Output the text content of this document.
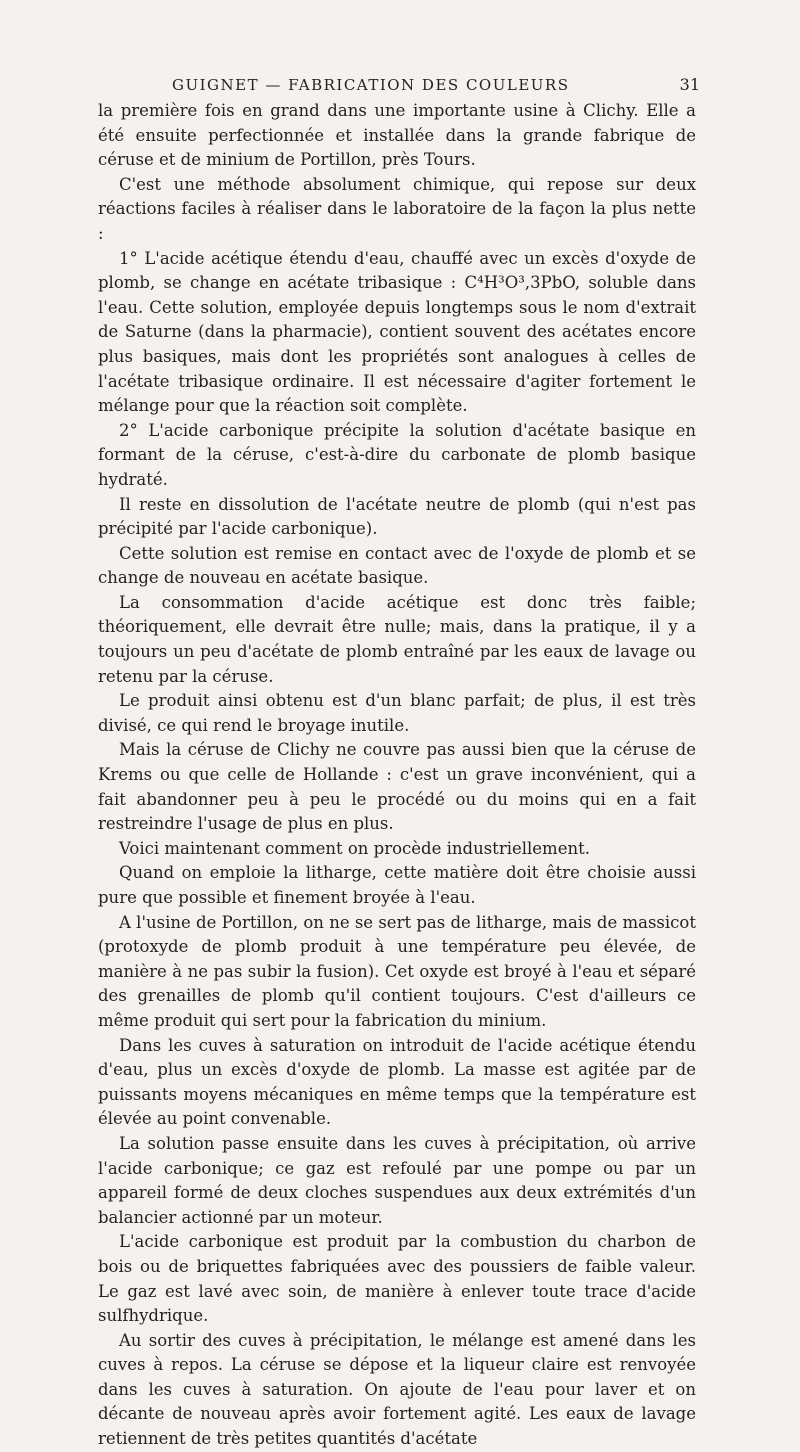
GUIGNET — FABRICATION DES COULEURS	31

la première fois en grand dans une importante usine à Clichy. Elle a été ensuite perfectionnée et installée dans la grande fabrique de céruse et de minium de Portillon, près Tours.

C'est une méthode absolument chimique, qui repose sur deux réactions faciles à réaliser dans le laboratoire de la façon la plus nette :

1° L'acide acétique étendu d'eau, chauffé avec un excès d'oxyde de plomb, se change en acétate tribasique : C⁴H³O³,3PbO, soluble dans l'eau. Cette solution, employée depuis longtemps sous le nom d'extrait de Saturne (dans la pharmacie), contient souvent des acétates encore plus basiques, mais dont les propriétés sont analogues à celles de l'acétate tribasique ordinaire. Il est nécessaire d'agiter fortement le mélange pour que la réaction soit complète.

2° L'acide carbonique précipite la solution d'acétate basique en formant de la céruse, c'est-à-dire du carbonate de plomb basique hydraté.

Il reste en dissolution de l'acétate neutre de plomb (qui n'est pas précipité par l'acide carbonique).

Cette solution est remise en contact avec de l'oxyde de plomb et se change de nouveau en acétate basique.

La consommation d'acide acétique est donc très faible; théoriquement, elle devrait être nulle; mais, dans la pratique, il y a toujours un peu d'acétate de plomb entraîné par les eaux de lavage ou retenu par la céruse.

Le produit ainsi obtenu est d'un blanc parfait; de plus, il est très divisé, ce qui rend le broyage inutile.

Mais la céruse de Clichy ne couvre pas aussi bien que la céruse de Krems ou que celle de Hollande : c'est un grave inconvénient, qui a fait abandonner peu à peu le procédé ou du moins qui en a fait restreindre l'usage de plus en plus.

Voici maintenant comment on procède industriellement.

Quand on emploie la litharge, cette matière doit être choisie aussi pure que possible et finement broyée à l'eau.

A l'usine de Portillon, on ne se sert pas de litharge, mais de massicot (protoxyde de plomb produit à une température peu élevée, de manière à ne pas subir la fusion). Cet oxyde est broyé à l'eau et séparé des grenailles de plomb qu'il contient toujours. C'est d'ailleurs ce même produit qui sert pour la fabrication du minium.

Dans les cuves à saturation on introduit de l'acide acétique étendu d'eau, plus un excès d'oxyde de plomb. La masse est agitée par de puissants moyens mécaniques en même temps que la température est élevée au point convenable.

La solution passe ensuite dans les cuves à précipitation, où arrive l'acide carbonique; ce gaz est refoulé par une pompe ou par un appareil formé de deux cloches suspendues aux deux extrémités d'un balancier actionné par un moteur.

L'acide carbonique est produit par la combustion du charbon de bois ou de briquettes fabriquées avec des poussiers de faible valeur. Le gaz est lavé avec soin, de manière à enlever toute trace d'acide sulfhydrique.

Au sortir des cuves à précipitation, le mélange est amené dans les cuves à repos. La céruse se dépose et la liqueur claire est renvoyée dans les cuves à saturation. On ajoute de l'eau pour laver et on décante de nouveau après avoir fortement agité. Les eaux de lavage retiennent de très petites quantités d'acétate
